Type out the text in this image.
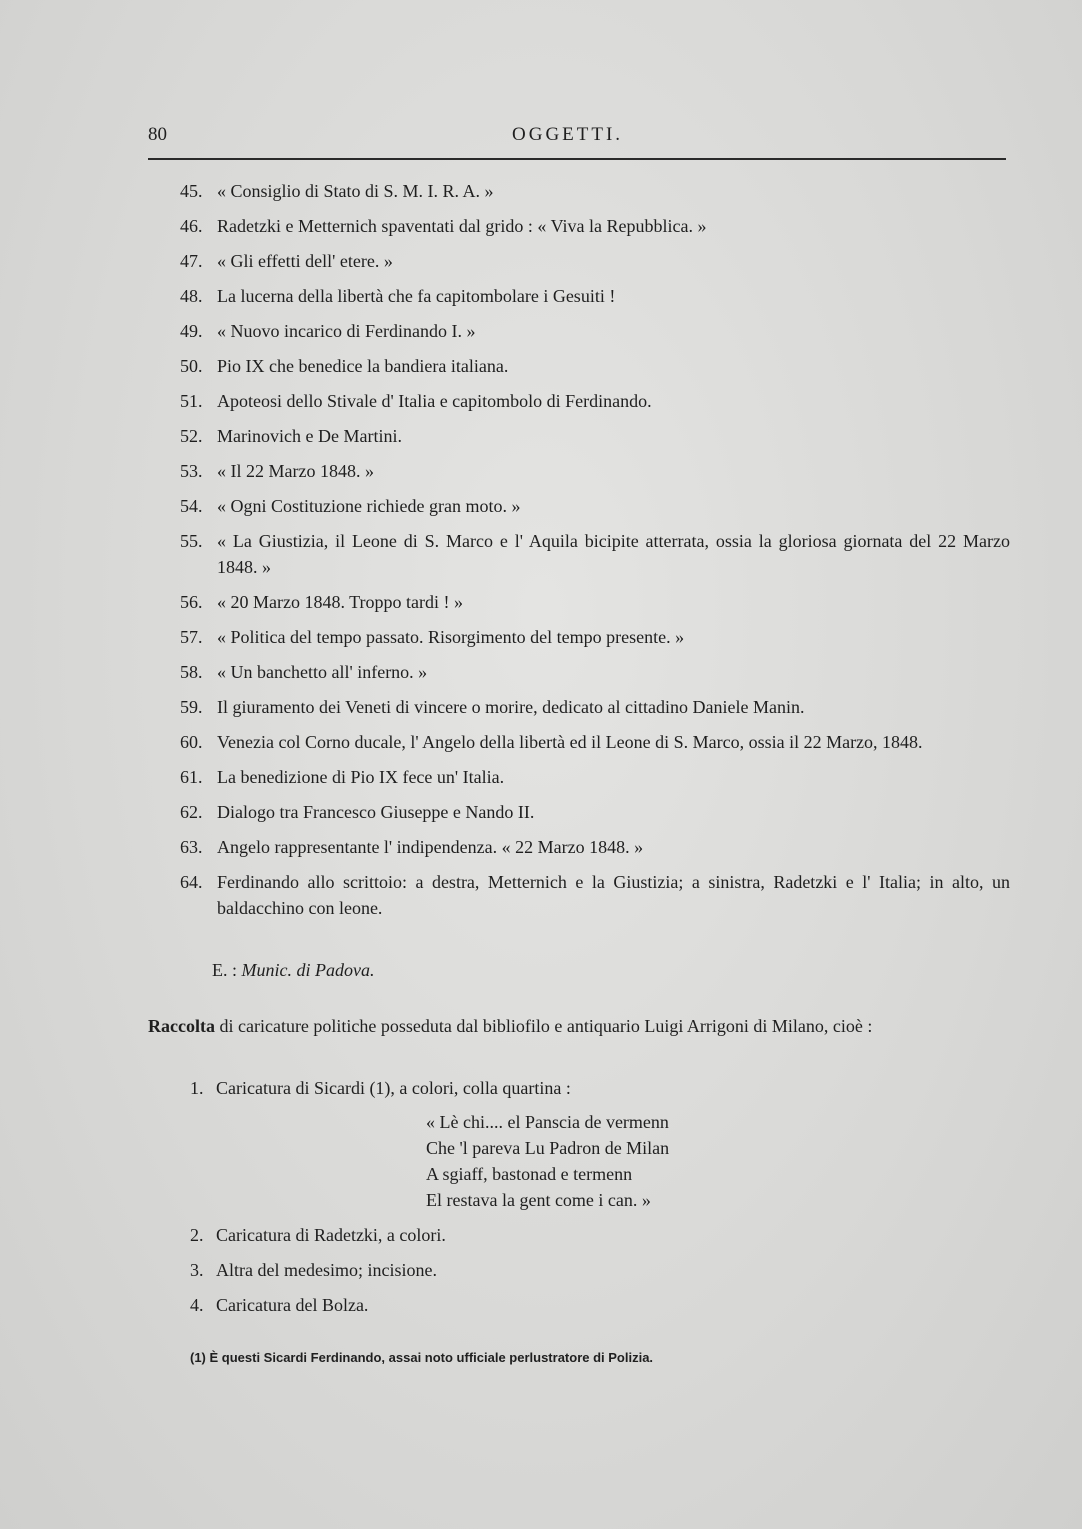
80	OGGETTI.
45. « Consiglio di Stato di S. M. I. R. A. »
46. Radetzki e Metternich spaventati dal grido : « Viva la Repubblica. »
47. « Gli effetti dell' etere. »
48. La lucerna della libertà che fa capitombolare i Gesuiti !
49. « Nuovo incarico di Ferdinando I. »
50. Pio IX che benedice la bandiera italiana.
51. Apoteosi dello Stivale d' Italia e capitombolo di Ferdinando.
52. Marinovich e De Martini.
53. « Il 22 Marzo 1848. »
54. « Ogni Costituzione richiede gran moto. »
55. « La Giustizia, il Leone di S. Marco e l' Aquila bicipite atterrata, ossia la gloriosa giornata del 22 Marzo 1848. »
56. « 20 Marzo 1848. Troppo tardi ! »
57. « Politica del tempo passato. Risorgimento del tempo presente. »
58. « Un banchetto all' inferno. »
59. Il giuramento dei Veneti di vincere o morire, dedicato al cittadino Daniele Manin.
60. Venezia col Corno ducale, l' Angelo della libertà ed il Leone di S. Marco, ossia il 22 Marzo, 1848.
61. La benedizione di Pio IX fece un' Italia.
62. Dialogo tra Francesco Giuseppe e Nando II.
63. Angelo rappresentante l' indipendenza. « 22 Marzo 1848. »
64. Ferdinando allo scrittoio: a destra, Metternich e la Giustizia; a sinistra, Radetzki e l' Italia; in alto, un baldacchino con leone.
E. : Munic. di Padova.
Raccolta di caricature politiche posseduta dal bibliofilo e antiquario Luigi Arrigoni di Milano, cioè :
1. Caricatura di Sicardi (1), a colori, colla quartina :
« Lè chi.... el Panscia de vermenn
Che 'l pareva Lu Padron de Milan
A sgiaff, bastonad e termenn
El restava la gent come i can. »
2. Caricatura di Radetzki, a colori.
3. Altra del medesimo; incisione.
4. Caricatura del Bolza.
(1) È questi Sicardi Ferdinando, assai noto ufficiale perlustratore di Polizia.
